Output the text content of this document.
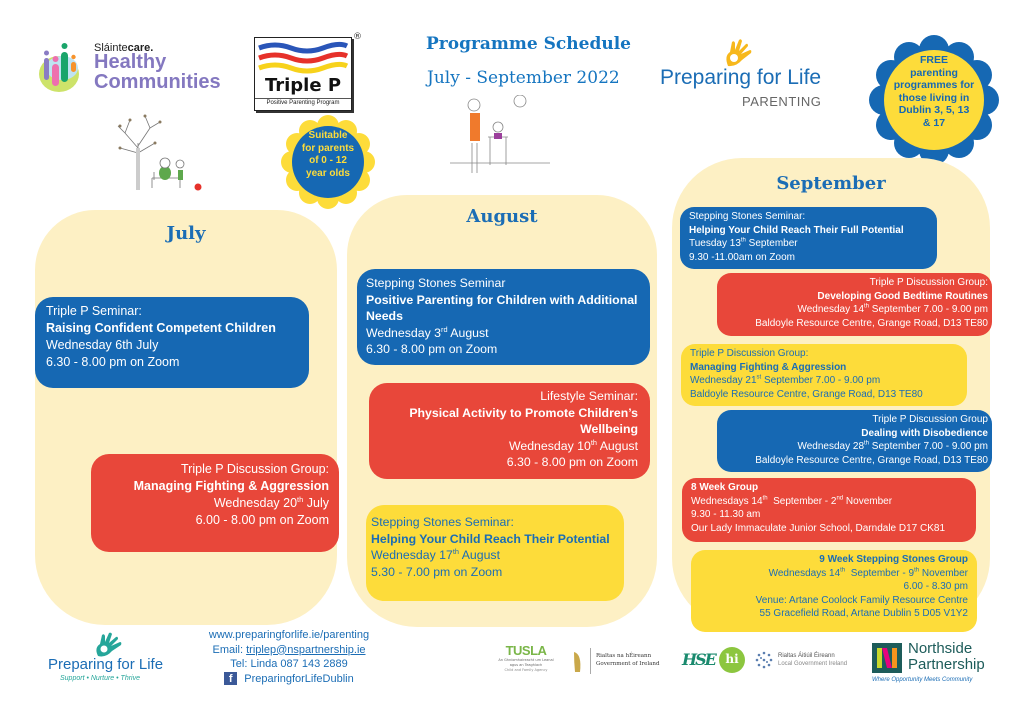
Sláintecare.
Healthy
Communities	Triple P
Positive Parenting Program
®	Programme Schedule
July - September 2022 Preparing for Life
PARENTING
FREE
parenting
programmes for
those living in
Dublin 3, 5, 13
& 17
Suitable
for parents
of 0 - 12
year olds
July
August
September
Triple P Seminar:
Raising Confident Competent Children
Wednesday 6th July
6.30 - 8.00 pm on Zoom
Triple P Discussion Group:
Managing Fighting & Aggression
Wednesday 20th July
6.00 - 8.00 pm on Zoom
Stepping Stones Seminar
Positive Parenting for Children with Additional
Needs
Wednesday 3rd August
6.30 - 8.00 pm on Zoom
Lifestyle Seminar:
Physical Activity to Promote Children’s
Wellbeing
Wednesday 10th August
6.30 - 8.00 pm on Zoom
Stepping Stones Seminar:
Helping Your Child Reach Their Potential
Wednesday 17th August
5.30 - 7.00 pm on Zoom
Stepping Stones Seminar:
Helping Your Child Reach Their Full Potential
Tuesday 13th September
9.30 -11.00am on Zoom
Triple P Discussion Group:
Developing Good Bedtime Routines
Wednesday 14th September 7.00 - 9.00 pm
Baldoyle Resource Centre, Grange Road, D13 TE80
Triple P Discussion Group:
Managing Fighting & Aggression
Wednesday 21st September 7.00 - 9.00 pm
Baldoyle Resource Centre, Grange Road, D13 TE80
Triple P Discussion Group
Dealing with Disobedience
Wednesday 28th September 7.00 - 9.00 pm
Baldoyle Resource Centre, Grange Road, D13 TE80
8 Week Group
Wednesdays 14th  September - 2nd November
9.30 - 11.30 am
Our Lady Immaculate Junior School, Darndale D17 CK81
9 Week Stepping Stones Group
Wednesdays 14th  September - 9th November
6.00 - 8.30 pm
Venue: Artane Coolock Family Resource Centre
55 Gracefield Road, Artane Dublin 5 D05 V1Y2
Preparing for Life
Support • Nurture • Thrive
www.preparingforlife.ie/parenting
Email: triplep@nspartnership.ie
Tel: Linda 087 143 2889
f	PreparingforLifeDublin
TUSLA
An Ghníomhaireacht um Leanaí agus an Teaghlach
Child and Family Agency
Rialtas na hÉireann
Government of Ireland HSE hi	Rialtas Áitiúil Éireann
Local Government Ireland
Northside
Partnership
Where Opportunity Meets Community
